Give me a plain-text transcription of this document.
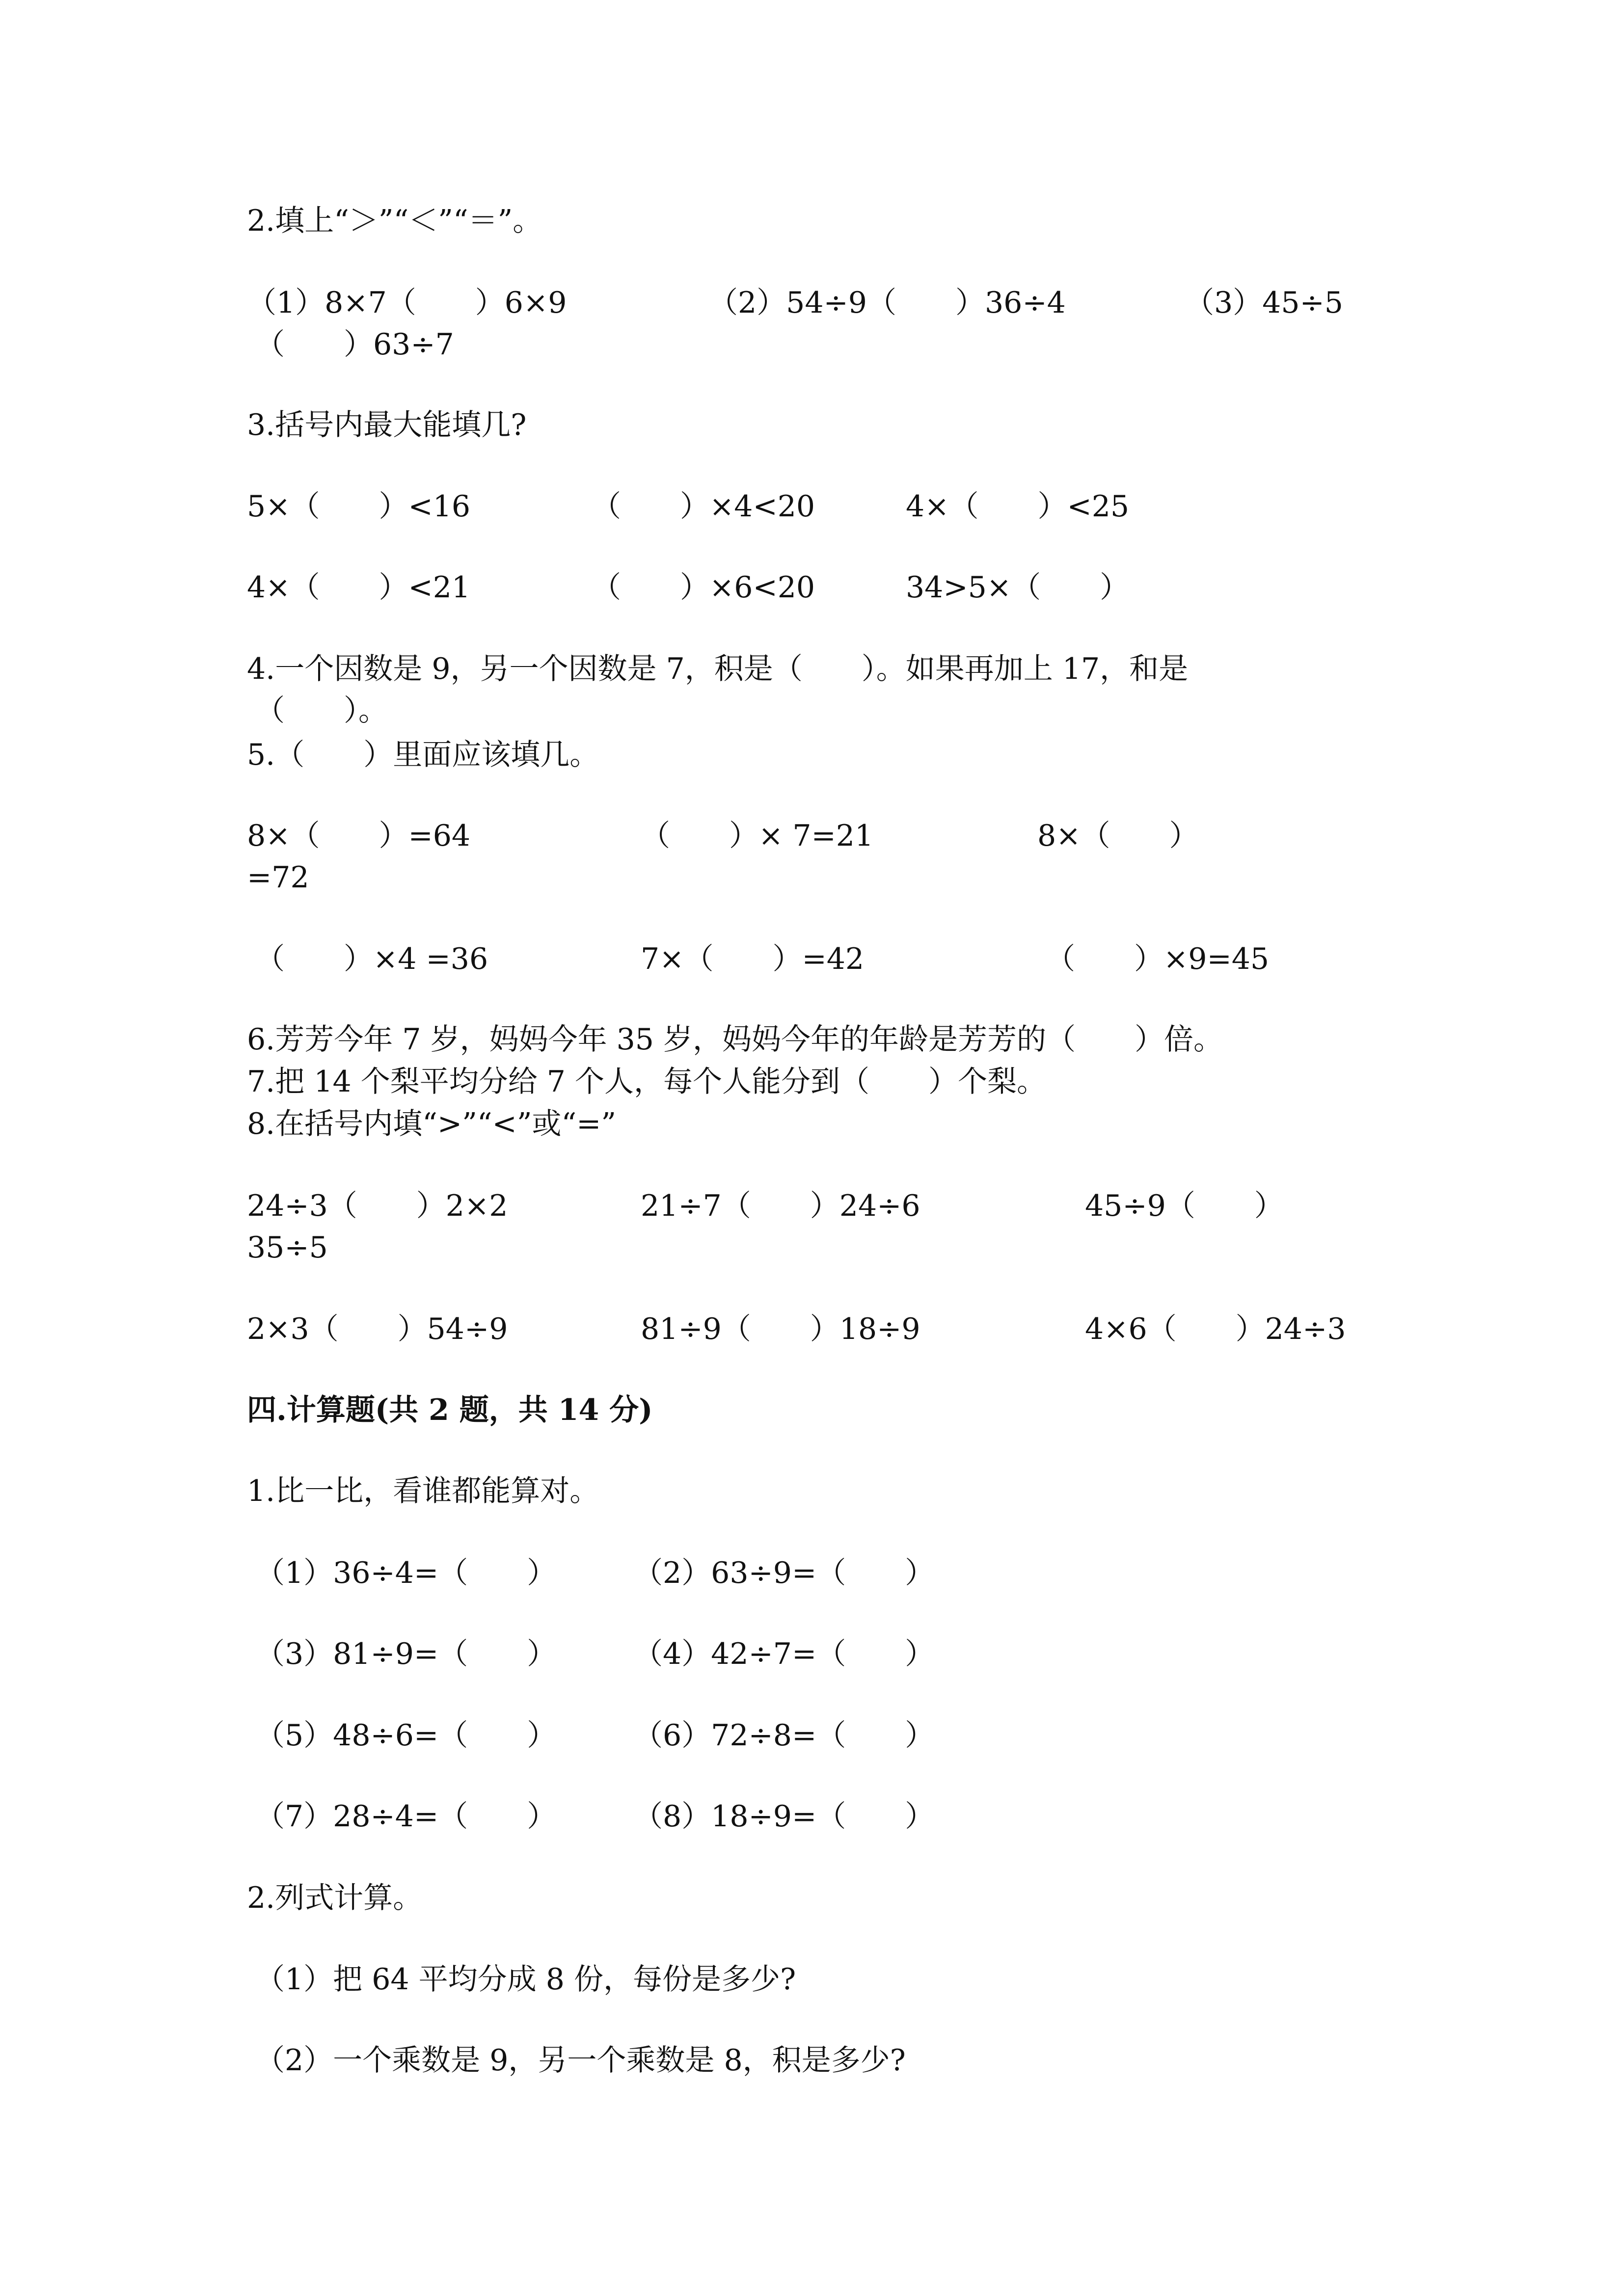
2.填上“＞”“＜”“＝”。
（1）8×7（　　）6×9	（2）54÷9（　　）36÷4	（3）45÷5
（　　）63÷7
3.括号内最大能填几?
5×（　　）<16	（　　）×4<20	4×（　　）<25
4×（　　）<21	（　　）×6<20	34>5×（　　）
4.一个因数是 9，另一个因数是 7，积是（　　）。如果再加上 17，和是
（　　）。
5.（　　）里面应该填几。
8×（　　）=64	（　　）× 7=21	8×（　　）
=72
（　　）×4 =36	7×（　　）=42	（　　）×9=45
6.芳芳今年 7 岁，妈妈今年 35 岁，妈妈今年的年龄是芳芳的（　　）倍。
7.把 14 个梨平均分给 7 个人，每个人能分到（　　）个梨。
8.在括号内填“>”“<”或“=”
24÷3（　　）2×2	21÷7（　　）24÷6	45÷9（　　）
35÷5
2×3（　　）54÷9	81÷9（　　）18÷9	4×6（　　）24÷3
四.计算题(共 2 题，共 14 分)
1.比一比，看谁都能算对。
（1）36÷4=（　　）	（2）63÷9=（　　）
（3）81÷9=（　　）	（4）42÷7=（　　）
（5）48÷6=（　　）	（6）72÷8=（　　）
（7）28÷4=（　　）	（8）18÷9=（　　）
2.列式计算。
（1）把 64 平均分成 8 份，每份是多少?
（2）一个乘数是 9，另一个乘数是 8，积是多少?
